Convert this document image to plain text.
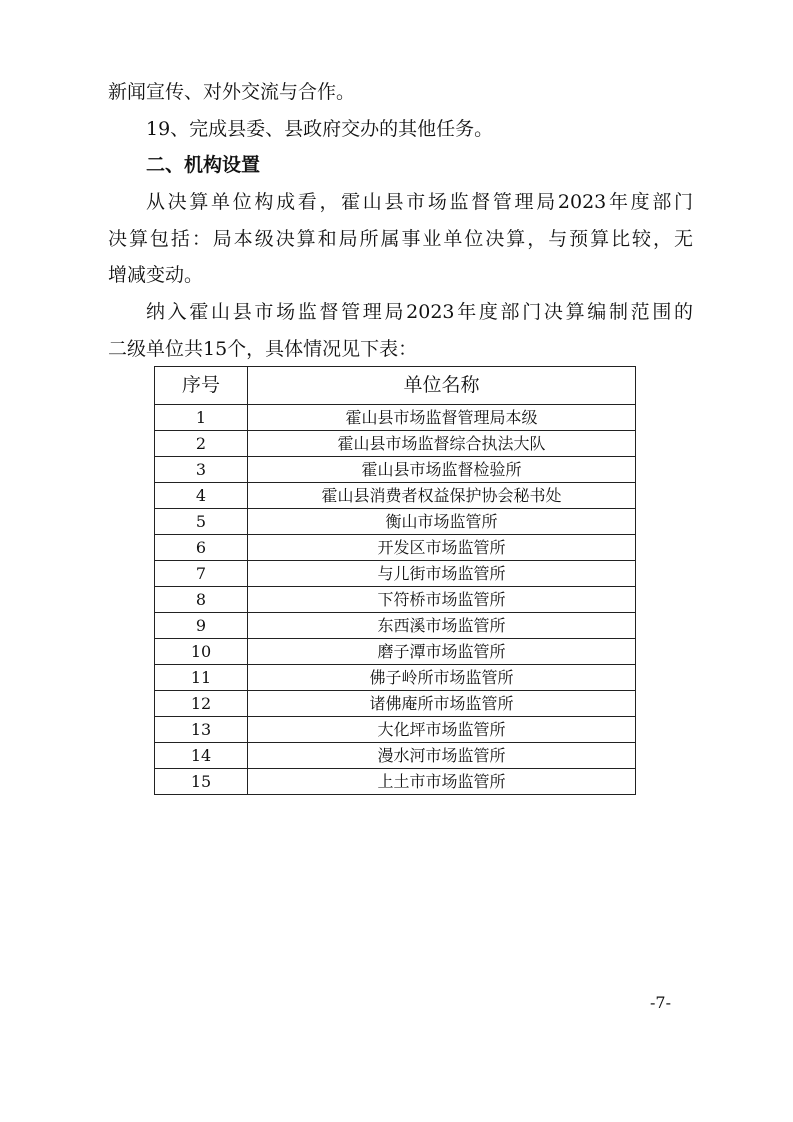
新闻宣传、对外交流与合作。
19、完成县委、县政府交办的其他任务。
二、机构设置
从决算单位构成看，霍山县市场监督管理局2023年度部门
决算包括：局本级决算和局所属事业单位决算，与预算比较，无
增减变动。
纳入霍山县市场监督管理局2023年度部门决算编制范围的
二级单位共15个，具体情况见下表：
序号	单位名称
1	霍山县市场监督管理局本级
2	霍山县市场监督综合执法大队
3	霍山县市场监督检验所
4	霍山县消费者权益保护协会秘书处
5	衡山市场监管所
6	开发区市场监管所
7	与儿街市场监管所
8	下符桥市场监管所
9	东西溪市场监管所
10	磨子潭市场监管所
11	佛子岭所市场监管所
12	诸佛庵所市场监管所
13	大化坪市场监管所
14	漫水河市场监管所
15	上土市市场监管所
-7-
